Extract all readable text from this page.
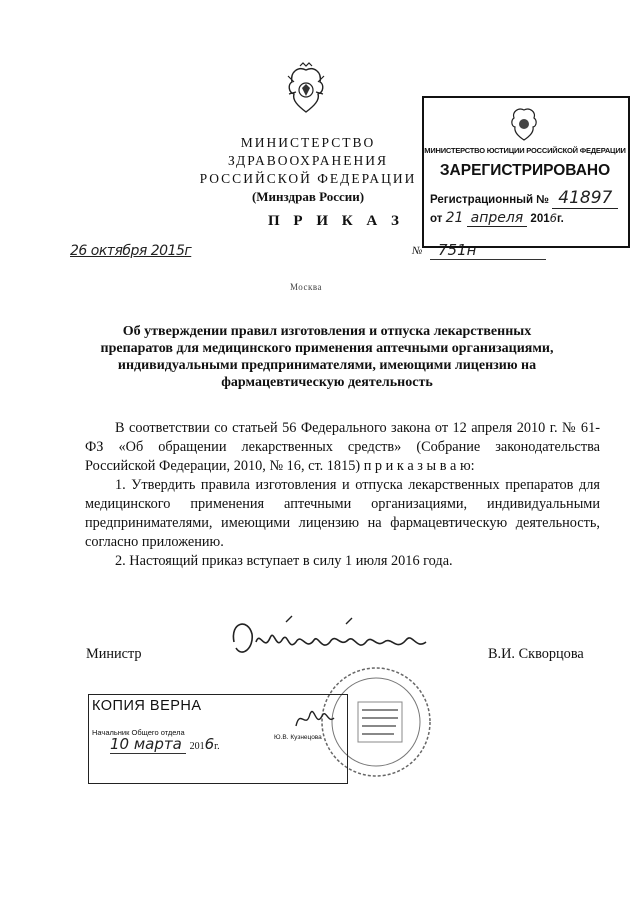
МИНИСТЕРСТВО ЗДРАВООХРАНЕНИЯ
РОССИЙСКОЙ ФЕДЕРАЦИИ
(Минздрав России)
П Р И К А З
26 октября 2015г	№	751н
Москва
МИНИСТЕРСТВО ЮСТИЦИИ РОССИЙСКОЙ ФЕДЕРАЦИИ
ЗАРЕГИСТРИРОВАНО
Регистрационный № 41897
от 21 апреля 2016г.
Об утверждении правил изготовления и отпуска лекарственных препаратов для медицинского применения аптечными организациями, индивидуальными предпринимателями, имеющими лицензию на фармацевтическую деятельность

В соответствии со статьей 56 Федерального закона от 12 апреля 2010 г. № 61-ФЗ «Об обращении лекарственных средств» (Собрание законодательства Российской Федерации, 2010, № 16, ст. 1815) п р и к а з ы в а ю:

1. Утвердить правила изготовления и отпуска лекарственных препаратов для медицинского применения аптечными организациями, индивидуальными предпринимателями, имеющими лицензию на фармацевтическую деятельность, согласно приложению.

2. Настоящий приказ вступает в силу 1 июля 2016 года.

Министр	В.И. Скворцова
КОПИЯ ВЕРНА
Начальник Общего отдела
Ю.В. Кузнецова
10 марта 2016г.
